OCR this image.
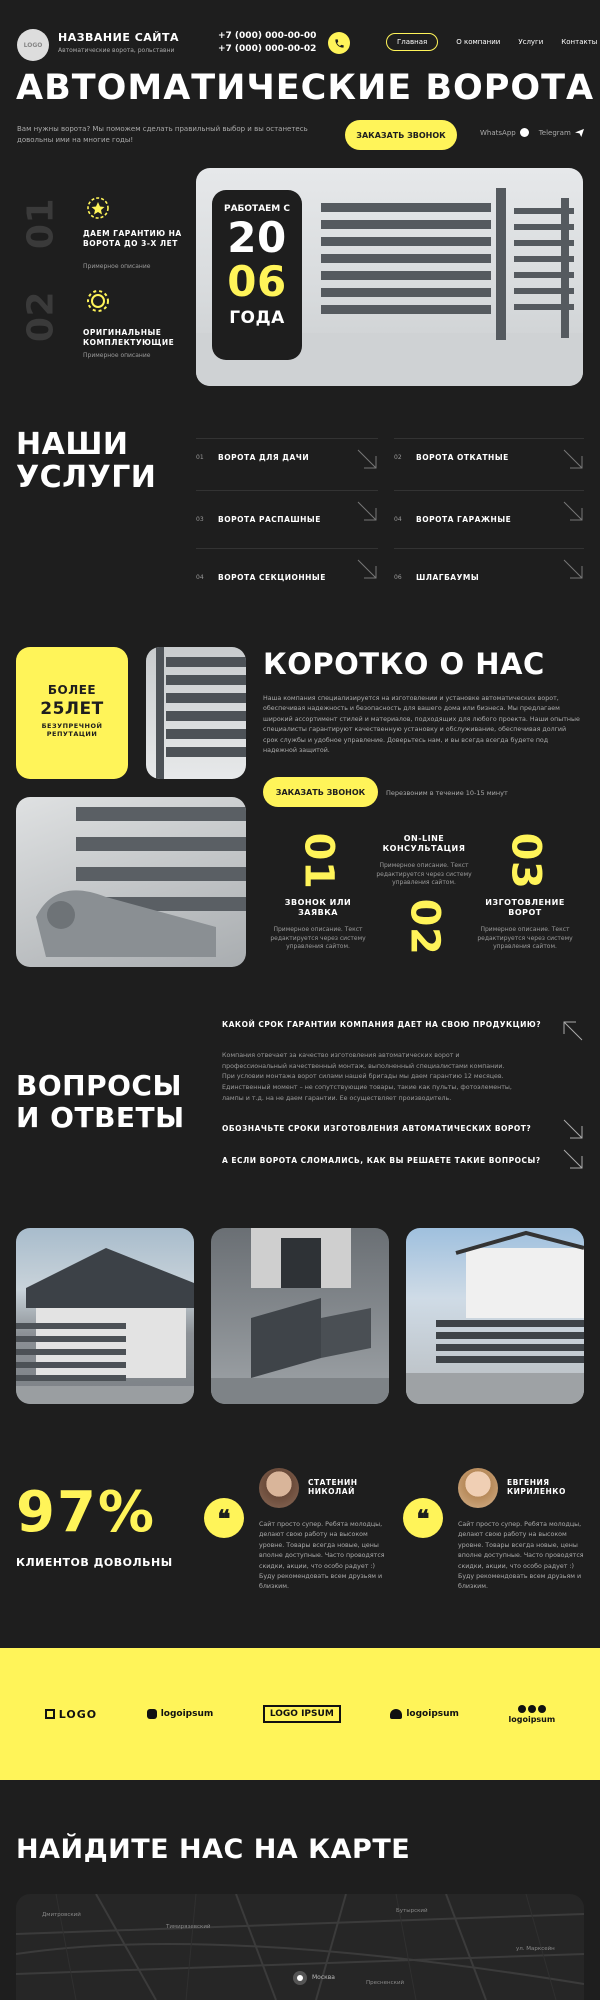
LOGO
НАЗВАНИЕ САЙТА
Автоматические ворота, рольставни
+7 (000) 000-00-00
+7 (000) 000-00-02
Главная	О компании	Услуги	Контакты
АВТОМАТИЧЕСКИЕ ВОРОТА
Вам нужны ворота? Мы поможем сделать правильный выбор и вы останетесь довольны ими на многие годы!	ЗАКАЗАТЬ ЗВОНОК	WhatsApp	Telegram
01	ДАЕМ ГАРАНТИЮ НА ВОРОТА ДО 3-Х ЛЕТ
Примерное описание
02	ОРИГИНАЛЬНЫЕ КОМПЛЕКТУЮЩИЕ
Примерное описание
РАБОТАЕМ С
20
06
ГОДА
НАШИ
УСЛУГИ
01 ВОРОТА ДЛЯ ДАЧИ	02 ВОРОТА ОТКАТНЫЕ
03 ВОРОТА РАСПАШНЫЕ	04 ВОРОТА ГАРАЖНЫЕ
04 ВОРОТА СЕКЦИОННЫЕ	06 ШЛАГБАУМЫ
БОЛЕЕ
25ЛЕТ
БЕЗУПРЕЧНОЙ РЕПУТАЦИИ
КОРОТКО О НАС
Наша компания специализируется на изготовлении и установке автоматических ворот, обеспечивая надежность и безопасность для вашего дома или бизнеса. Мы предлагаем широкий ассортимент стилей и материалов, подходящих для любого проекта. Наши опытные специалисты гарантируют качественную установку и обслуживание, обеспечивая долгий срок службы и удобное управление. Доверьтесь нам, и вы всегда всегда будете под надежной защитой.
ЗАКАЗАТЬ ЗВОНОК	Перезвоним в течение 10-15 минут
01
ЗВОНОК ИЛИ ЗАЯВКА
Примерное описание. Текст редактируется через систему управления сайтом.
ON-LINE КОНСУЛЬТАЦИЯ
Примерное описание. Текст редактируется через систему управления сайтом.
02
03
ИЗГОТОВЛЕНИЕ ВОРОТ
Примерное описание. Текст редактируется через систему управления сайтом.
ВОПРОСЫ
И ОТВЕТЫ
КАКОЙ СРОК ГАРАНТИИ КОМПАНИЯ ДАЕТ НА СВОЮ ПРОДУКЦИЮ?
Компания отвечает за качество изготовления автоматических ворот и профессиональный качественный монтаж, выполненный специалистами компании. При условии монтажа ворот силами нашей бригады мы даем гарантию 12 месяцев. Единственный момент – не сопутствующие товары, такие как пульты, фотоэлементы, лампы и т.д. на не даем гарантии. Ее осуществляет производитель.
ОБОЗНАЧЬТЕ СРОКИ ИЗГОТОВЛЕНИЯ АВТОМАТИЧЕСКИХ ВОРОТ?
А ЕСЛИ ВОРОТА СЛОМАЛИСЬ, КАК ВЫ РЕШАЕТЕ ТАКИЕ ВОПРОСЫ?
97%
КЛИЕНТОВ ДОВОЛЬНЫ
❝
СТАТЕНИН НИКОЛАЙ
Сайт просто супер. Ребята молодцы, делают свою работу на высоком уровне. Товары всегда новые, цены вполне доступные. Часто проводятся скидки, акции, что особо радует :) Буду рекомендовать всем друзьям и близким.
❝
ЕВГЕНИЯ КИРИЛЕНКО
Сайт просто супер. Ребята молодцы, делают свою работу на высоком уровне. Товары всегда новые, цены вполне доступные. Часто проводятся скидки, акции, что особо радует :) Буду рекомендовать всем друзьям и близким.
LOGO	logoipsum	LOGO IPSUM	logoipsum	logoipsum
НАЙДИТЕ НАС НА КАРТЕ
Дмитровский
Москва
ул. Марксейн
Тимирязевский
Бутырский
Пресненский
